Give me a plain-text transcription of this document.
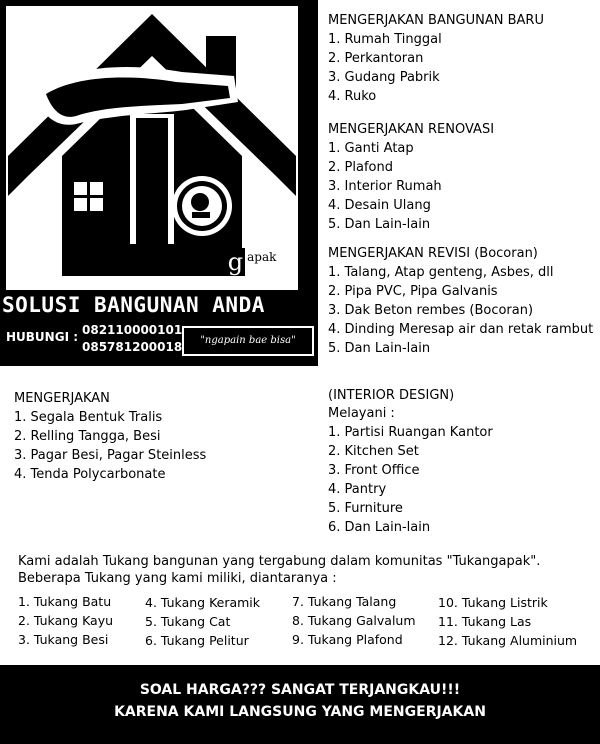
Tukang $^{apak}$
SOLUSI BANGUNAN ANDA
HUBUNGI : 082110000101
085781200018	"ngapain bae bisa"
MENGERJAKAN BANGUNAN BARU
1. Rumah Tinggal
2. Perkantoran
3. Gudang Pabrik
4. Ruko
MENGERJAKAN RENOVASI
1. Ganti Atap
2. Plafond
3. Interior Rumah
4. Desain Ulang
5. Dan Lain-lain
MENGERJAKAN REVISI (Bocoran)
1. Talang, Atap genteng, Asbes, dll
2. Pipa PVC, Pipa Galvanis
3. Dak Beton rembes (Bocoran)
4. Dinding Meresap air dan retak rambut
5. Dan Lain-lain
MENGERJAKAN
1. Segala Bentuk Tralis
2. Relling Tangga, Besi
3. Pagar Besi, Pagar Steinless
4. Tenda Polycarbonate
(INTERIOR DESIGN)
Melayani :
1. Partisi Ruangan Kantor
2. Kitchen Set
3. Front Office
4. Pantry
5. Furniture
6. Dan Lain-lain
Kami adalah Tukang bangunan yang tergabung dalam komunitas "Tukangapak".
Beberapa Tukang yang kami miliki, diantaranya :
1. Tukang Batu
2. Tukang Kayu
3. Tukang Besi
4. Tukang Keramik
5. Tukang Cat
6. Tukang Pelitur
7. Tukang Talang
8. Tukang Galvalum
9. Tukang Plafond
10. Tukang Listrik
11. Tukang Las
12. Tukang Aluminium
SOAL HARGA??? SANGAT TERJANGKAU!!!
KARENA KAMI LANGSUNG YANG MENGERJAKAN
